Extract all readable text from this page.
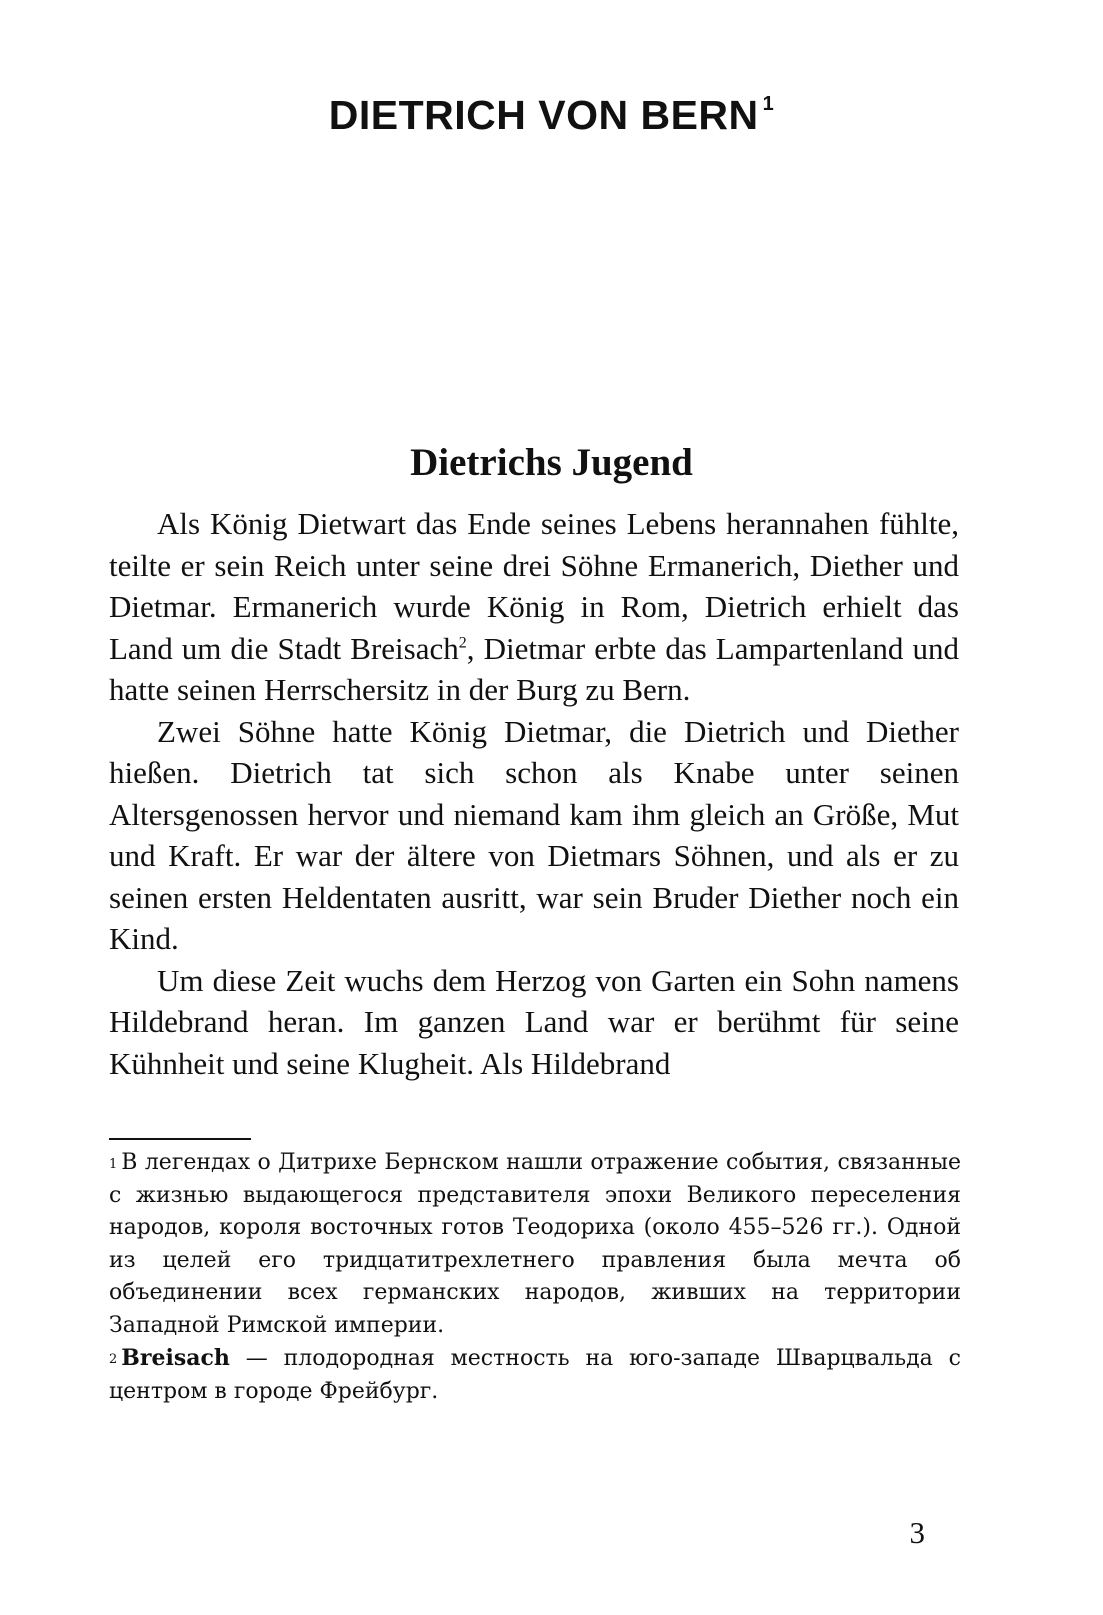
DIETRICH VON BERN $^1$
Dietrichs Jugend

Als König Dietwart das Ende seines Lebens herannahen fühlte, teilte er sein Reich unter seine drei Söhne Ermanerich, Diether und Dietmar. Ermanerich wurde König in Rom, Dietrich erhielt das Land um die Stadt Breisach$^2$, Dietmar erbte das Lampartenland und hatte seinen Herrschersitz in der Burg zu Bern.

Zwei Söhne hatte König Dietmar, die Dietrich und Diether hießen. Dietrich tat sich schon als Knabe unter seinen Altersgenossen hervor und niemand kam ihm gleich an Größe, Mut und Kraft. Er war der ältere von Dietmars Söhnen, und als er zu seinen ersten Heldentaten ausritt, war sein Bruder Diether noch ein Kind.

Um diese Zeit wuchs dem Herzog von Garten ein Sohn namens Hildebrand heran. Im ganzen Land war er berühmt für seine Kühnheit und seine Klugheit. Als Hildebrand

$^1$ В легендах о Дитрихе Бернском нашли отражение события, связанные с жизнью выдающегося представителя эпохи Великого переселения народов, короля восточных готов Теодориха (около 455–526 гг.). Одной из целей его тридцатитрехлетнего правления была мечта об объединении всех германских народов, живших на территории Западной Римской империи.

$^2$ Breisach — плодородная местность на юго-западе Шварцвальда с центром в городе Фрейбург.

3
